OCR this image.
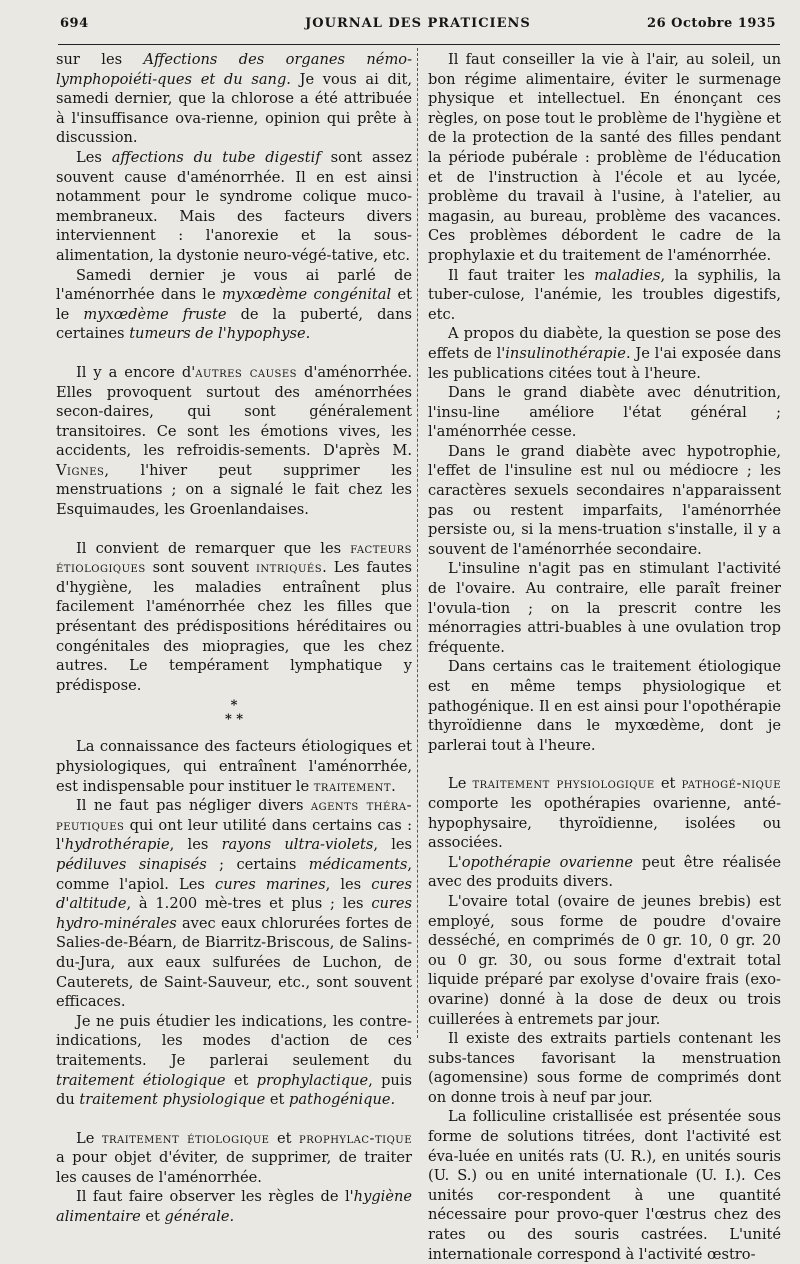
694	JOURNAL DES PRATICIENS	26 Octobre 1935

sur les Affections des organes némo-lymphopoiéti-ques et du sang. Je vous ai dit, samedi dernier, que la chlorose a été attribuée à l'insuffisance ova-rienne, opinion qui prête à discussion.

Les affections du tube digestif sont assez souvent cause d'aménorrhée. Il en est ainsi notamment pour le syndrome colique muco-membraneux. Mais des facteurs divers interviennent : l'anorexie et la sous-alimentation, la dystonie neuro-végé-tative, etc.

Samedi dernier je vous ai parlé de l'aménorrhée dans le myxœdème congénital et le myxœdème fruste de la puberté, dans certaines tumeurs de l'hypophyse.

Il y a encore d'autres causes d'aménorrhée. Elles provoquent surtout des aménorrhées secon-daires, qui sont généralement transitoires. Ce sont les émotions vives, les accidents, les refroidis-sements. D'après M. Vignes, l'hiver peut supprimer les menstruations ; on a signalé le fait chez les Esquimaudes, les Groenlandaises.

Il convient de remarquer que les facteurs étiologiques sont souvent intriqués. Les fautes d'hygiène, les maladies entraînent plus facilement l'aménorrhée chez les filles que présentant des prédispositions héréditaires ou congénitales des miopragies, que les chez autres. Le tempérament lymphatique y prédispose.

*
* *

La connaissance des facteurs étiologiques et physiologiques, qui entraînent l'aménorrhée, est indispensable pour instituer le traitement.

Il ne faut pas négliger divers agents théra-peutiques qui ont leur utilité dans certains cas : l'hydrothérapie, les rayons ultra-violets, les pédiluves sinapisés ; certains médicaments, comme l'apiol. Les cures marines, les cures d'altitude, à 1.200 mè-tres et plus ; les cures hydro-minérales avec eaux chlorurées fortes de Salies-de-Béarn, de Biarritz-Briscous, de Salins-du-Jura, aux eaux sulfurées de Luchon, de Cauterets, de Saint-Sauveur, etc., sont souvent efficaces.

Je ne puis étudier les indications, les contre-indications, les modes d'action de ces traitements. Je parlerai seulement du traitement étiologique et prophylactique, puis du traitement physiologique et pathogénique.

Le traitement étiologique et prophylac-tique a pour objet d'éviter, de supprimer, de traiter les causes de l'aménorrhée.

Il faut faire observer les règles de l'hygiène alimentaire et générale.

Il faut conseiller la vie à l'air, au soleil, un bon régime alimentaire, éviter le surmenage physique et intellectuel. En énonçant ces règles, on pose tout le problème de l'hygiène et de la protection de la santé des filles pendant la période pubérale : problème de l'éducation et de l'instruction à l'école et au lycée, problème du travail à l'usine, à l'atelier, au magasin, au bureau, problème des vacances. Ces problèmes débordent le cadre de la prophylaxie et du traitement de l'aménorrhée.

Il faut traiter les maladies, la syphilis, la tuber-culose, l'anémie, les troubles digestifs, etc.

A propos du diabète, la question se pose des effets de l'insulinothérapie. Je l'ai exposée dans les publications citées tout à l'heure.

Dans le grand diabète avec dénutrition, l'insu-line améliore l'état général ; l'aménorrhée cesse.

Dans le grand diabète avec hypotrophie, l'effet de l'insuline est nul ou médiocre ; les caractères sexuels secondaires n'apparaissent pas ou restent imparfaits, l'aménorrhée persiste ou, si la mens-truation s'installe, il y a souvent de l'aménorrhée secondaire.

L'insuline n'agit pas en stimulant l'activité de l'ovaire. Au contraire, elle paraît freiner l'ovula-tion ; on la prescrit contre les ménorragies attri-buables à une ovulation trop fréquente.

Dans certains cas le traitement étiologique est en même temps physiologique et pathogénique. Il en est ainsi pour l'opothérapie thyroïdienne dans le myxœdème, dont je parlerai tout à l'heure.

Le traitement physiologique et pathogé-nique comporte les opothérapies ovarienne, anté-hypophysaire, thyroïdienne, isolées ou associées.

L'opothérapie ovarienne peut être réalisée avec des produits divers.

L'ovaire total (ovaire de jeunes brebis) est employé, sous forme de poudre d'ovaire desséché, en comprimés de 0 gr. 10, 0 gr. 20 ou 0 gr. 30, ou sous forme d'extrait total liquide préparé par exolyse d'ovaire frais (exo-ovarine) donné à la dose de deux ou trois cuillerées à entremets par jour.

Il existe des extraits partiels contenant les subs-tances favorisant la menstruation (agomensine) sous forme de comprimés dont on donne trois à neuf par jour.

La folliculine cristallisée est présentée sous forme de solutions titrées, dont l'activité est éva-luée en unités rats (U. R.), en unités souris (U. S.) ou en unité internationale (U. I.). Ces unités cor-respondent à une quantité nécessaire pour provo-quer l'œstrus chez des rates ou des souris castrées. L'unité internationale correspond à l'activité œstro-
